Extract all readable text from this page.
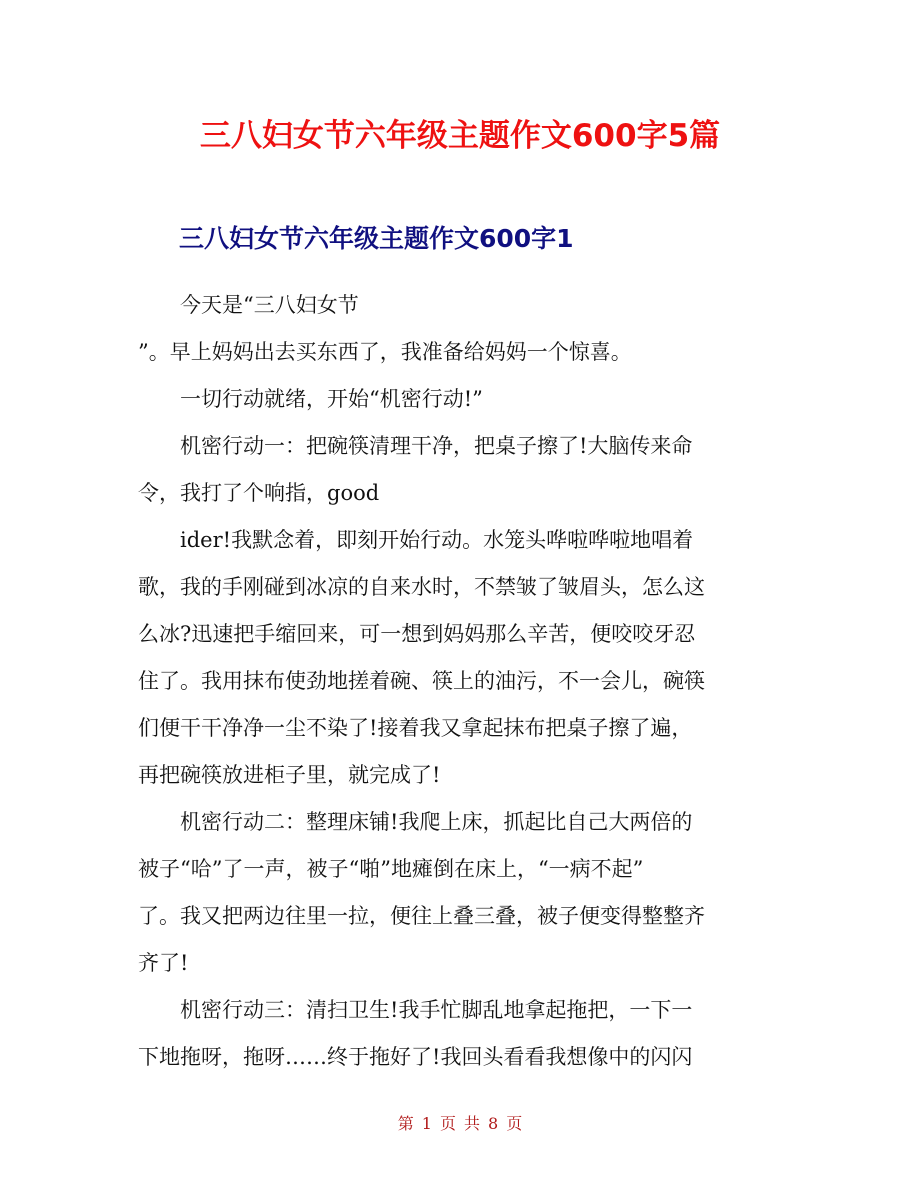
三八妇女节六年级主题作文600字5篇
三八妇女节六年级主题作文600字1
今天是“三八妇女节
”。早上妈妈出去买东西了，我准备给妈妈一个惊喜。
一切行动就绪，开始“机密行动!”
机密行动一：把碗筷清理干净，把桌子擦了!大脑传来命
令，我打了个响指，good
ider!我默念着，即刻开始行动。水笼头哗啦哗啦地唱着
歌，我的手刚碰到冰凉的自来水时，不禁皱了皱眉头，怎么这
么冰?迅速把手缩回来，可一想到妈妈那么辛苦，便咬咬牙忍
住了。我用抹布使劲地搓着碗、筷上的油污，不一会儿，碗筷
们便干干净净一尘不染了!接着我又拿起抹布把桌子擦了遍，
再把碗筷放进柜子里，就完成了!
机密行动二：整理床铺!我爬上床，抓起比自己大两倍的
被子“哈”了一声，被子“啪”地瘫倒在床上，“一病不起”
了。我又把两边往里一拉，便往上叠三叠，被子便变得整整齐
齐了!
机密行动三：清扫卫生!我手忙脚乱地拿起拖把，一下一
下地拖呀，拖呀……终于拖好了!我回头看看我想像中的闪闪
第 1 页 共 8 页
